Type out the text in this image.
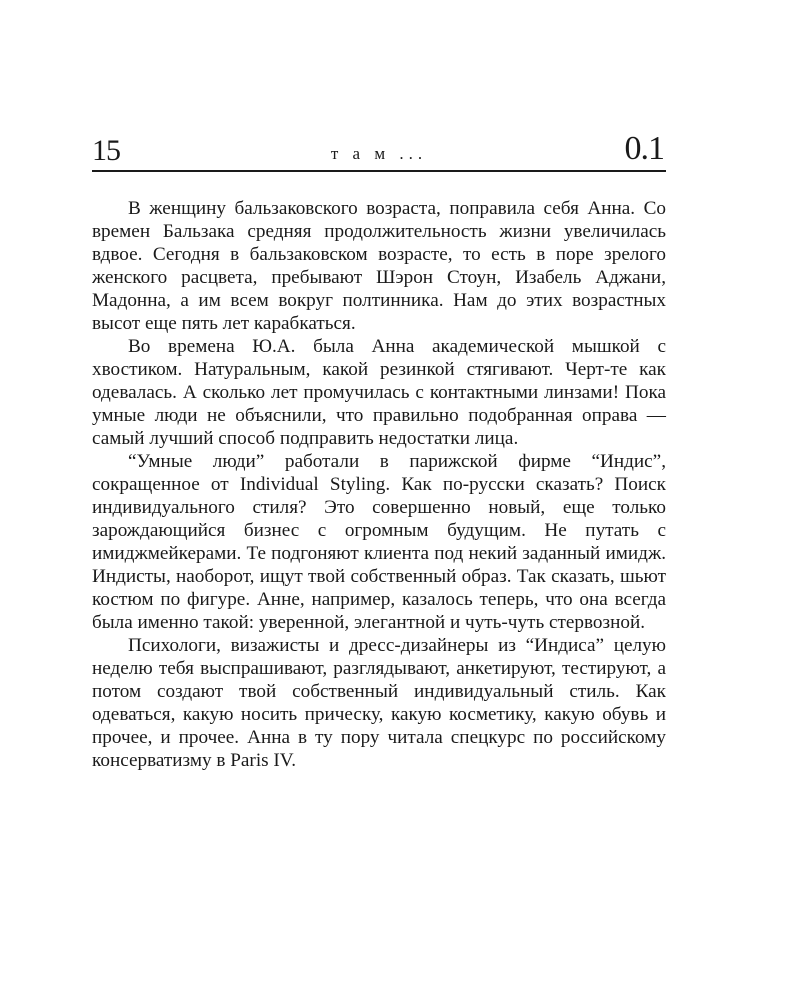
15	т а м ...	0.1

В женщину бальзаковского возраста, поправила себя Анна. Со времен Бальзака средняя продолжительность жизни увеличилась вдвое. Сегодня в бальзаковском возрасте, то есть в поре зрелого женского расцвета, пребывают Шэрон Стоун, Изабель Аджани, Мадонна, а им всем вокруг полтинника. Нам до этих возрастных высот еще пять лет карабкаться.

Во времена Ю.А. была Анна академической мышкой с хвостиком. Натуральным, какой резинкой стягивают. Черт-те как одевалась. А сколько лет промучилась с контактными линзами! Пока умные люди не объяснили, что правильно подобранная оправа — самый лучший способ подправить недостатки лица.

“Умные люди” работали в парижской фирме “Индис”, сокращенное от Individual Styling. Как по-русски сказать? Поиск индивидуального стиля? Это совершенно новый, еще только зарождающийся бизнес с огромным будущим. Не путать с имиджмейкерами. Те подгоняют клиента под некий заданный имидж. Индисты, наоборот, ищут твой собственный образ. Так сказать, шьют костюм по фигуре. Анне, например, казалось теперь, что она всегда была именно такой: уверенной, элегантной и чуть-чуть стервозной.

Психологи, визажисты и дресс-дизайнеры из “Индиса” целую неделю тебя выспрашивают, разглядывают, анкетируют, тестируют, а потом создают твой собственный индивидуальный стиль. Как одеваться, какую носить прическу, какую косметику, какую обувь и прочее, и прочее. Анна в ту пору читала спецкурс по российскому консерватизму в Paris IV.
